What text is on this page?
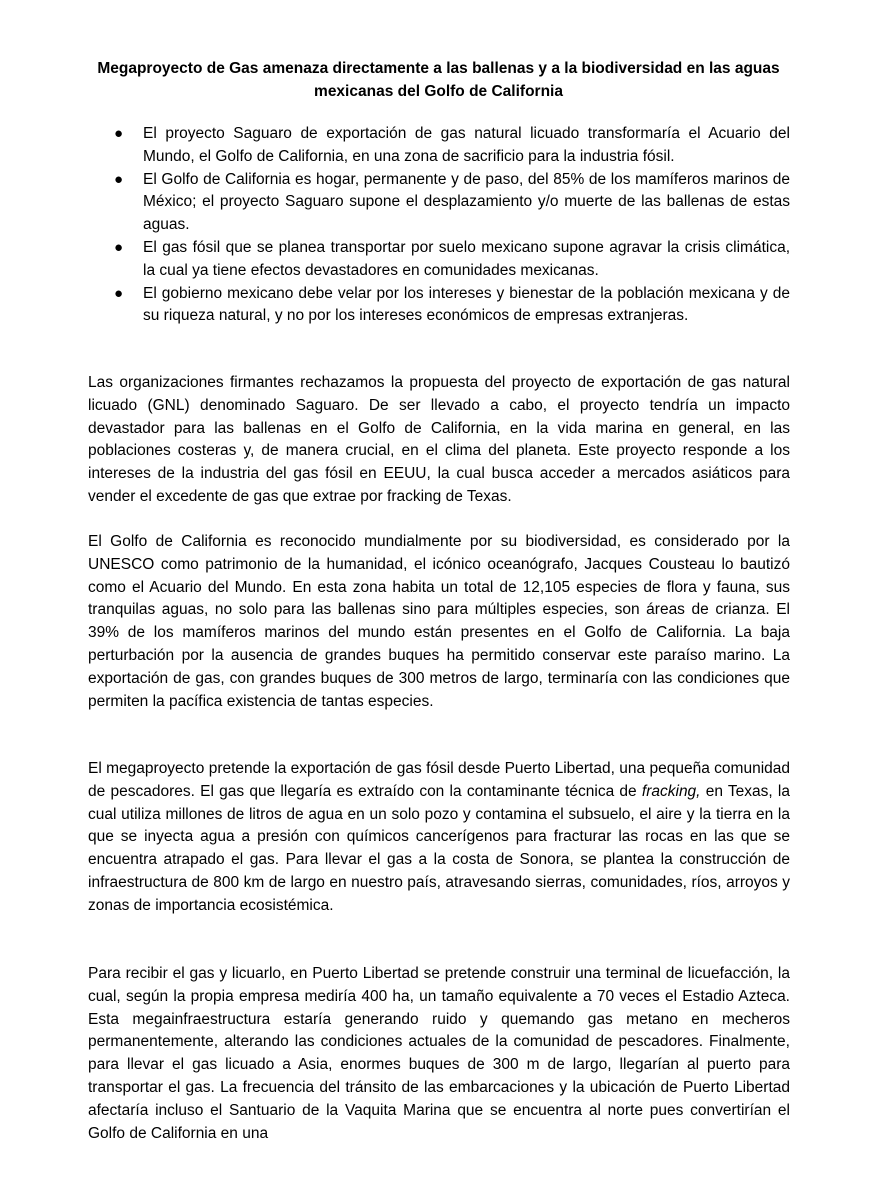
Megaproyecto de Gas amenaza directamente a las ballenas y a la biodiversidad en las aguas mexicanas del Golfo de California
● El proyecto Saguaro de exportación de gas natural licuado transformaría el Acuario del Mundo, el Golfo de California, en una zona de sacrificio para la industria fósil.
● El Golfo de California es hogar, permanente y de paso, del 85% de los mamíferos marinos de México; el proyecto Saguaro supone el desplazamiento y/o muerte de las ballenas de estas aguas.
● El gas fósil que se planea transportar por suelo mexicano supone agravar la crisis climática, la cual ya tiene efectos devastadores en comunidades mexicanas.
● El gobierno mexicano debe velar por los intereses y bienestar de la población mexicana y de su riqueza natural, y no por los intereses económicos de empresas extranjeras.

Las organizaciones firmantes rechazamos la propuesta del proyecto de exportación de gas natural licuado (GNL) denominado Saguaro. De ser llevado a cabo, el proyecto tendría un impacto devastador para las ballenas en el Golfo de California, en la vida marina en general, en las poblaciones costeras y, de manera crucial, en el clima del planeta. Este proyecto responde a los intereses de la industria del gas fósil en EEUU, la cual busca acceder a mercados asiáticos para vender el excedente de gas que extrae por fracking de Texas.

El Golfo de California es reconocido mundialmente por su biodiversidad, es considerado por la UNESCO como patrimonio de la humanidad, el icónico oceanógrafo, Jacques Cousteau lo bautizó como el Acuario del Mundo. En esta zona habita un total de 12,105 especies de flora y fauna, sus tranquilas aguas, no solo para las ballenas sino para múltiples especies, son áreas de crianza. El 39% de los mamíferos marinos del mundo están presentes en el Golfo de California. La baja perturbación por la ausencia de grandes buques ha permitido conservar este paraíso marino. La exportación de gas, con grandes buques de 300 metros de largo, terminaría con las condiciones que permiten la pacífica existencia de tantas especies.

El megaproyecto pretende la exportación de gas fósil desde Puerto Libertad, una pequeña comunidad de pescadores. El gas que llegaría es extraído con la contaminante técnica de fracking, en Texas, la cual utiliza millones de litros de agua en un solo pozo y contamina el subsuelo, el aire y la tierra en la que se inyecta agua a presión con químicos cancerígenos para fracturar las rocas en las que se encuentra atrapado el gas. Para llevar el gas a la costa de Sonora, se plantea la construcción de infraestructura de 800 km de largo en nuestro país, atravesando sierras, comunidades, ríos, arroyos y zonas de importancia ecosistémica.

Para recibir el gas y licuarlo, en Puerto Libertad se pretende construir una terminal de licuefacción, la cual, según la propia empresa mediría 400 ha, un tamaño equivalente a 70 veces el Estadio Azteca. Esta megainfraestructura estaría generando ruido y quemando gas metano en mecheros permanentemente, alterando las condiciones actuales de la comunidad de pescadores. Finalmente, para llevar el gas licuado a Asia, enormes buques de 300 m de largo, llegarían al puerto para transportar el gas. La frecuencia del tránsito de las embarcaciones y la ubicación de Puerto Libertad afectaría incluso el Santuario de la Vaquita Marina que se encuentra al norte pues convertirían el Golfo de California en una
